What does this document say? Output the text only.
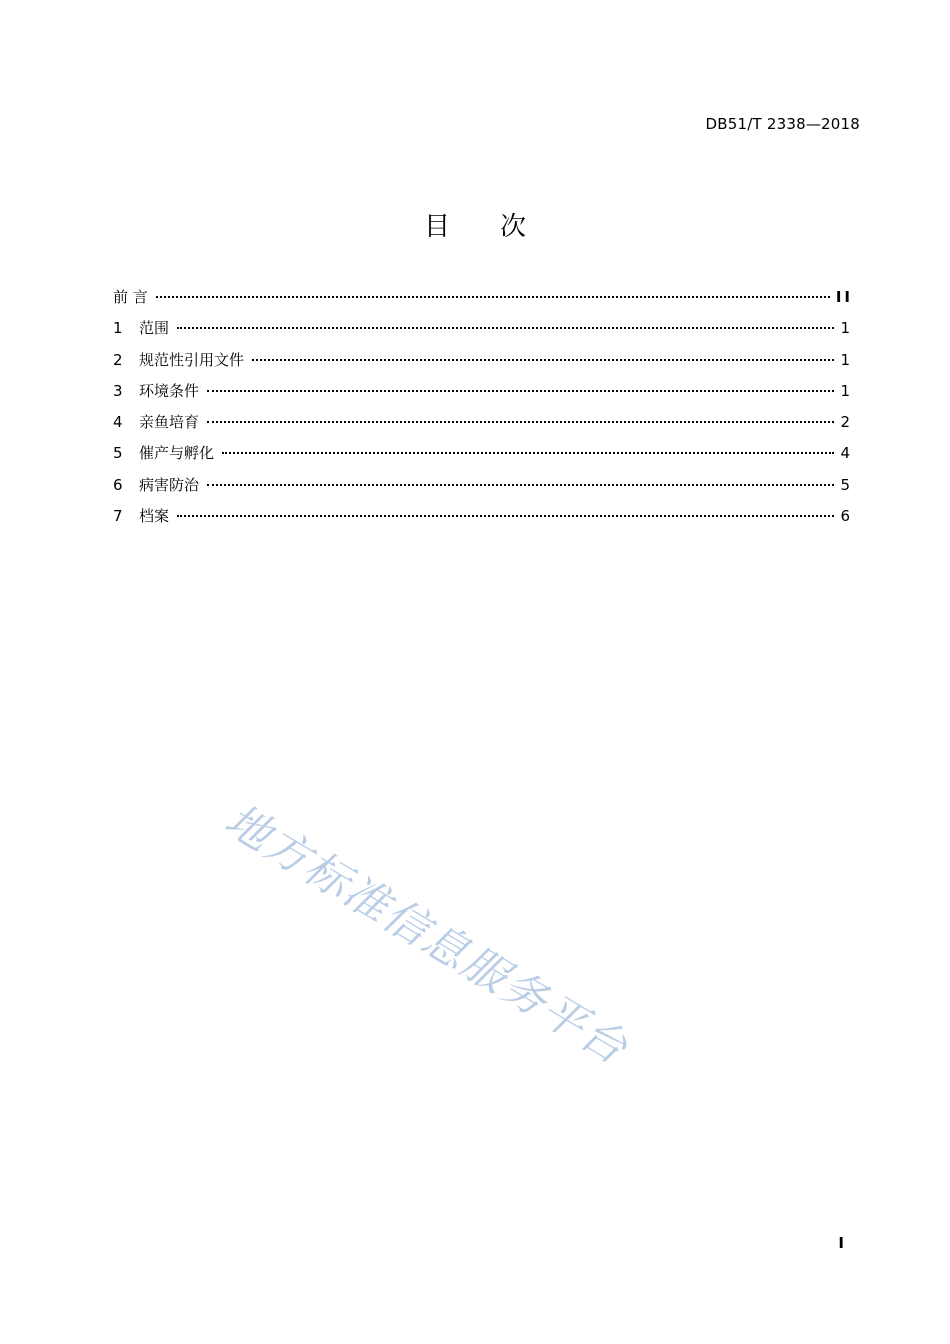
DB51/T 2338—2018
目 次
前 言	II
1	范围	1
2	规范性引用文件	1
3	环境条件	1
4	亲鱼培育	2
5	催产与孵化	4
6	病害防治	5
7	档案	6
地方标准信息服务平台
I
